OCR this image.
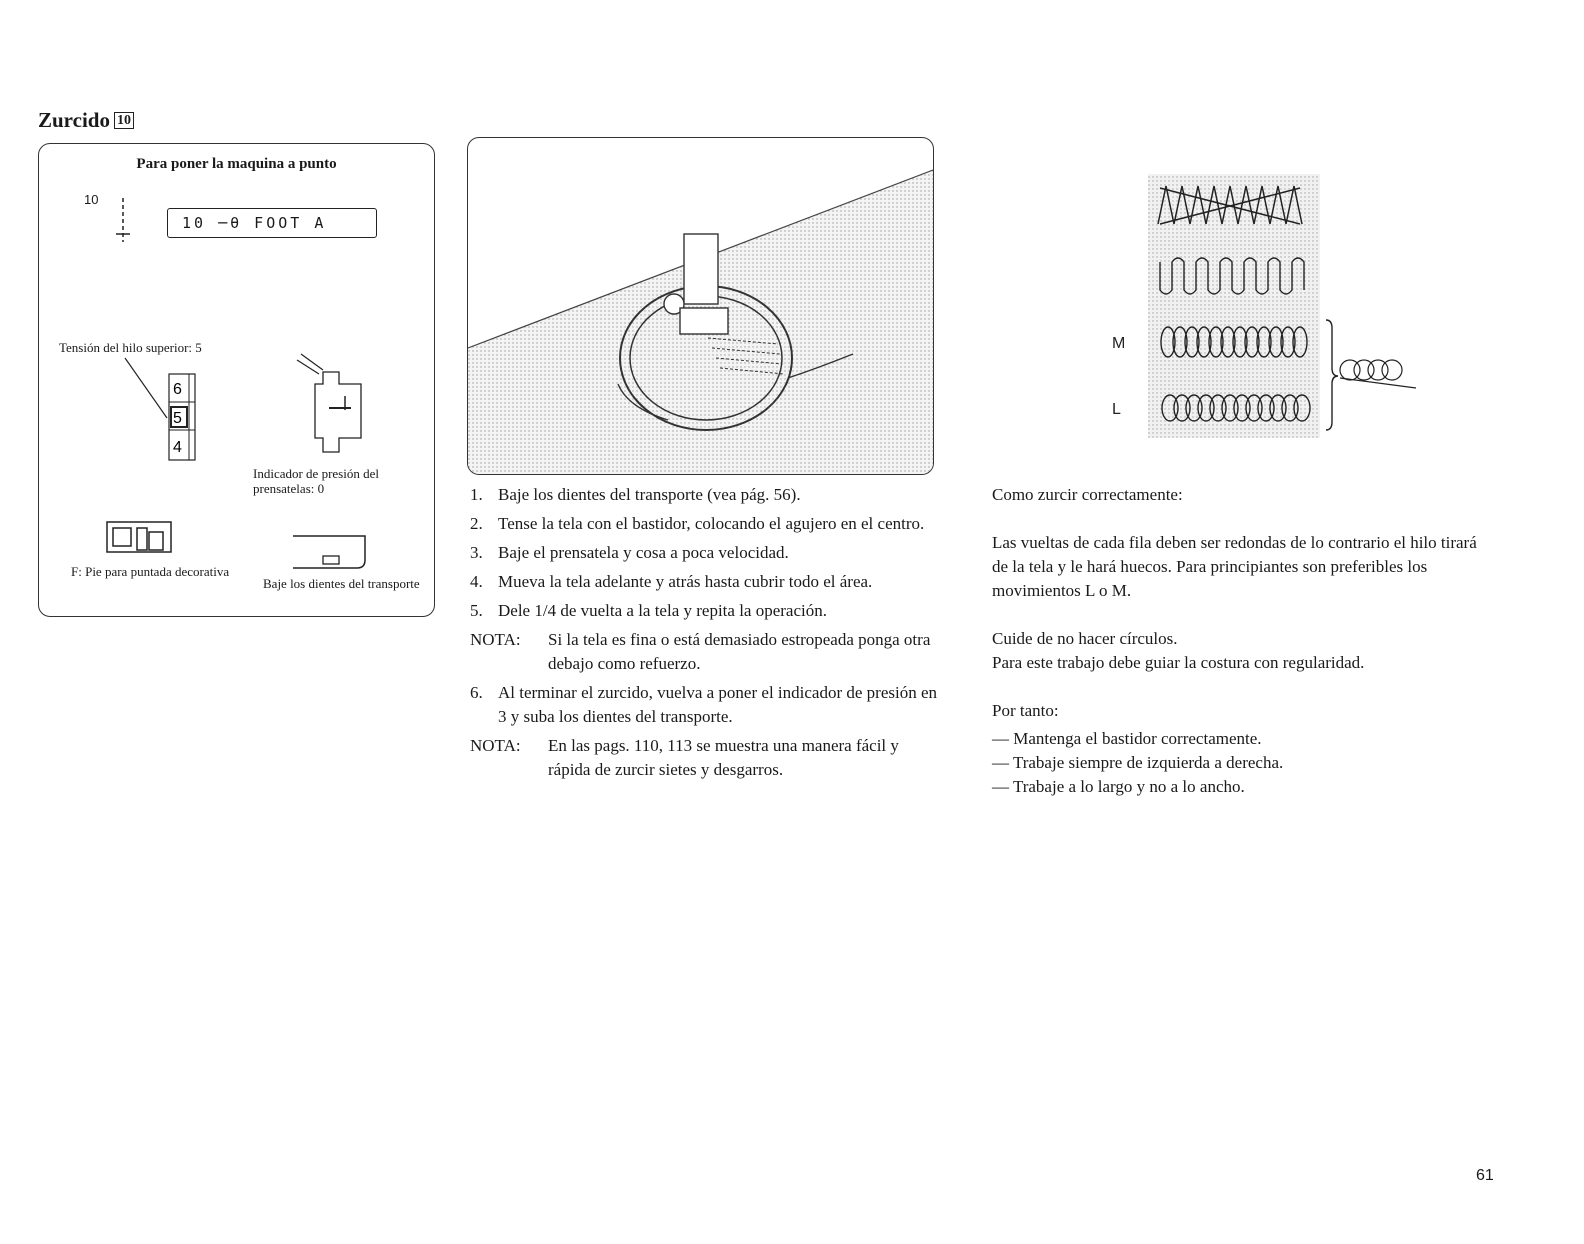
Zurcido 10
Para poner la maquina a punto
10
10 ─θ FOOT A
Tensión del hilo superior: 5
6
5
4
Indicador de presión del prensatelas: 0
F: Pie para puntada decorativa
Baje los dientes del transporte
1. Baje los dientes del transporte (vea pág. 56).
2. Tense la tela con el bastidor, colocando el agujero en el centro.
3. Baje el prensatela y cosa a poca velocidad.
4. Mueva la tela adelante y atrás hasta cubrir todo el área.
5. Dele 1/4 de vuelta a la tela y repita la operación.
NOTA:	Si la tela es fina o está demasiado estropeada ponga otra debajo como refuerzo.
6. Al terminar el zurcido, vuelva a poner el indicador de presión en 3 y suba los dientes del transporte.
NOTA:	En las pags. 110, 113 se muestra una manera fácil y rápida de zurcir sietes y desgarros.
M
L

Como zurcir correctamente:

Las vueltas de cada fila deben ser redondas de lo contrario el hilo tirará de la tela y le hará huecos. Para principiantes son preferibles los movimientos L o M.

Cuide de no hacer círculos.
Para este trabajo debe guiar la costura con regularidad.

Por tanto:

— Mantenga el bastidor correctamente.
— Trabaje siempre de izquierda a derecha.
— Trabaje a lo largo y no a lo ancho.
61
